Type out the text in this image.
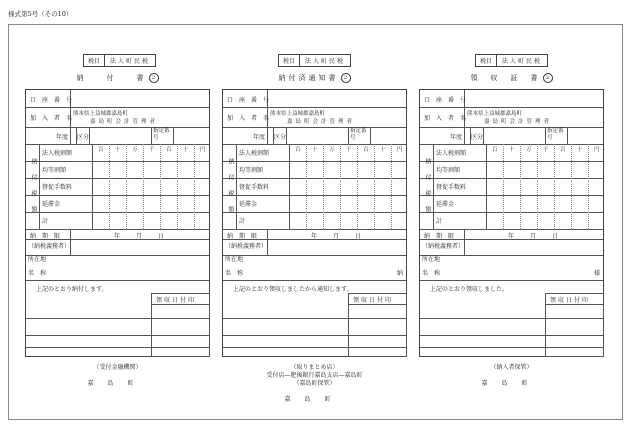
様式第5号（その10）
税目	法人町民税
納　　付　　書 2
口　座　番　号
加　入　者　名
熊本県上益城郡嘉島町
嘉島町会計管理者
年度 区分
指定番号
納付税額
法人税割額
均等割額
督促手数料
延滞金
計
百 十 万 千 百 十 円
納　期　限	年　月　日
（納税義務者）
所在地
名　称
上記のとおり納付します。
領収日付印
（受付金融機関）
嘉島町
税目	法人町民税
納付済通知書 2
口　座　番　号
加　入　者　名
熊本県上益城郡嘉島町
嘉島町会計管理者
年度 区分
指定番号
納付税額
法人税割額
均等割額
督促手数料
延滞金
計
百 十 万 千 百 十 円
納　期　限	年　月　日
（納税義務者）
所在地
名　称	納
上記のとおり領収しましたから通知します。
領収日付印
（取りまとめ店）
受付店—肥後銀行嘉島支店—嘉島町
（嘉島町保管）
嘉島町
税目	法人町民税
領　収　証　書 2
口　座　番　号
加　入　者　名
熊本県上益城郡嘉島町
嘉島町会計管理者
年度 区分
指定番号
納付税額
法人税割額
均等割額
督促手数料
延滞金
計
百 十 万 千 百 十 円
納　期　限	年　月　日
（納税義務者）
所在地
名　称	様
上記のとおり領収しました。
領収日付印
（納入者保管）
嘉島町
